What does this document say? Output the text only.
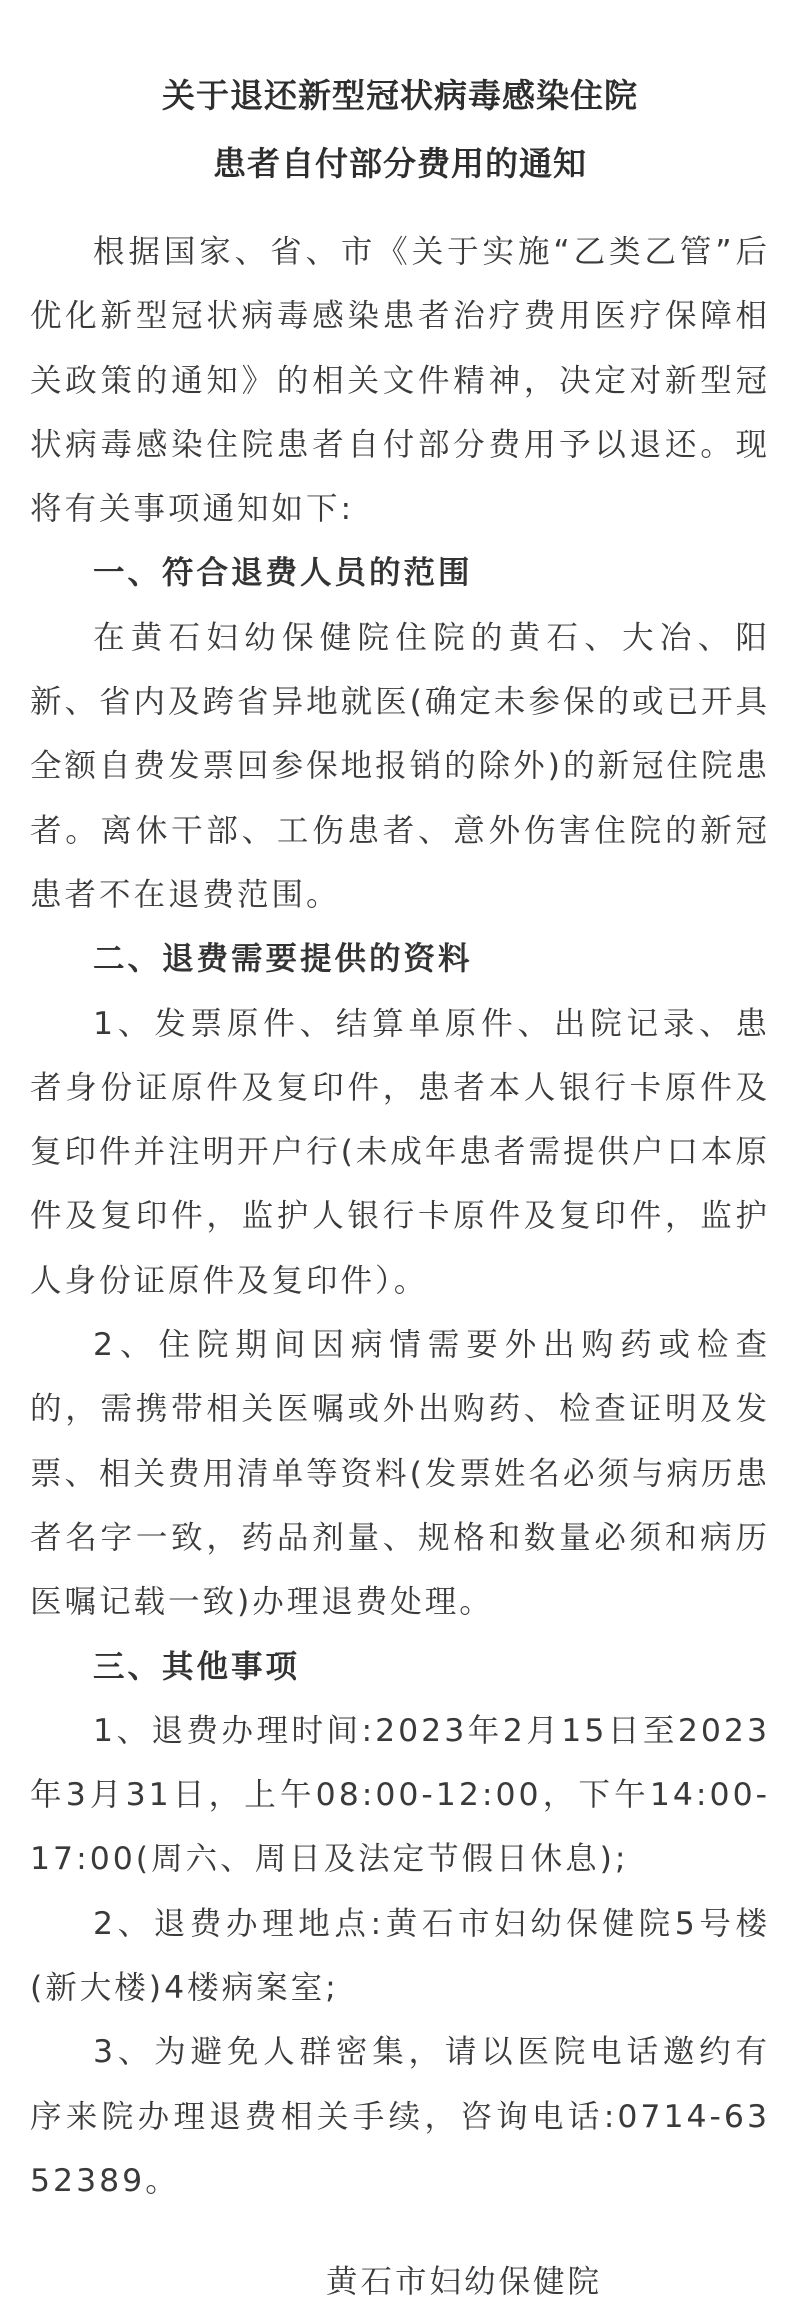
关于退还新型冠状病毒感染住院
患者自付部分费用的通知

根据国家、省、市《关于实施“乙类乙管”后优化新型冠状病毒感染患者治疗费用医疗保障相关政策的通知》的相关文件精神，决定对新型冠状病毒感染住院患者自付部分费用予以退还。现将有关事项通知如下:

一、符合退费人员的范围

在黄石妇幼保健院住院的黄石、大冶、阳新、省内及跨省异地就医(确定未参保的或已开具全额自费发票回参保地报销的除外)的新冠住院患者。离休干部、工伤患者、意外伤害住院的新冠患者不在退费范围。

二、退费需要提供的资料

1、发票原件、结算单原件、出院记录、患者身份证原件及复印件，患者本人银行卡原件及复印件并注明开户行(未成年患者需提供户口本原件及复印件，监护人银行卡原件及复印件，监护人身份证原件及复印件）。

2、住院期间因病情需要外出购药或检查的，需携带相关医嘱或外出购药、检查证明及发票、相关费用清单等资料(发票姓名必须与病历患者名字一致，药品剂量、规格和数量必须和病历医嘱记载一致)办理退费处理。

三、其他事项

1、退费办理时间:2023年2月15日至2023年3月31日，上午08:00-12:00，下午14:00-17:00(周六、周日及法定节假日休息);

2、退费办理地点:黄石市妇幼保健院5号楼(新大楼)4楼病案室;

3、为避免人群密集，请以医院电话邀约有序来院办理退费相关手续，咨询电话:0714-6352389。

黄石市妇幼保健院
